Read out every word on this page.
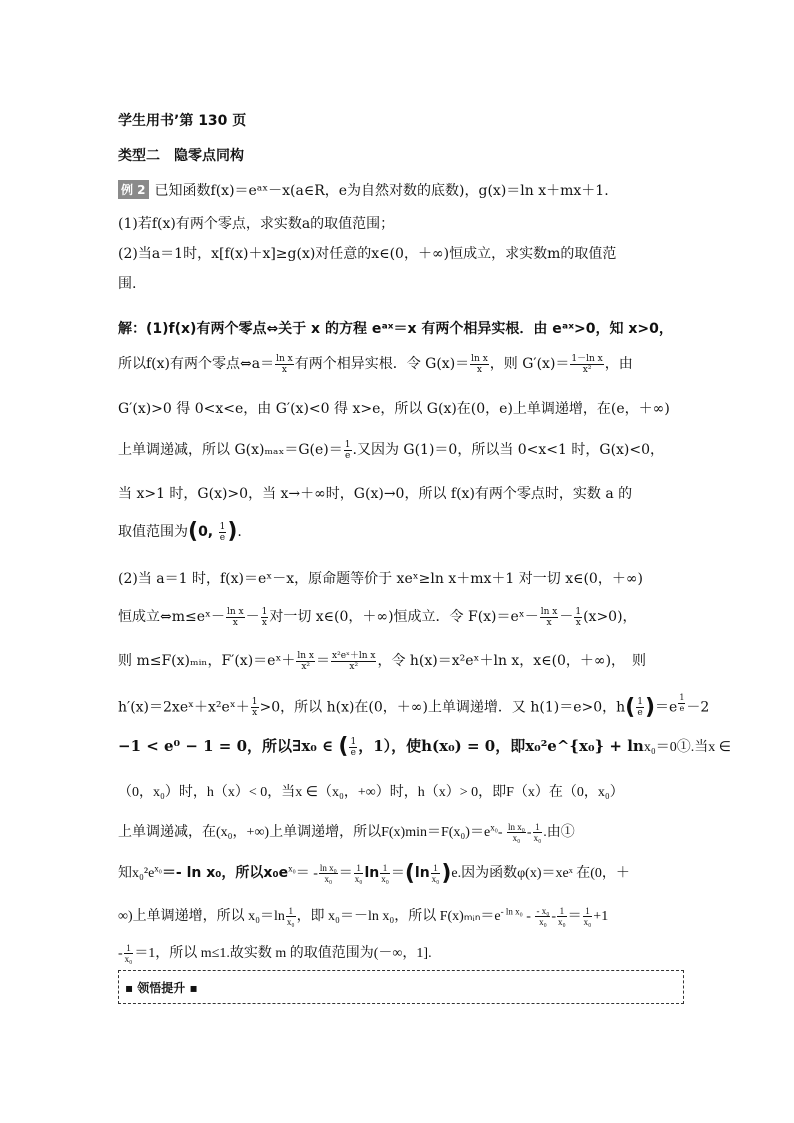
学生用书ʼ第 130 页
类型二　隐零点同构
例 2 已知函数f(x)＝eᵃˣ－x(a∈R，e为自然对数的底数)，g(x)＝ln x＋mx＋1.
(1)若f(x)有两个零点，求实数a的取值范围；
(2)当a＝1时，x[f(x)＋x]≥g(x)对任意的x∈(0，＋∞)恒成立，求实数m的取值范
围.
解：(1)f(x)有两个零点⇔关于 x 的方程 eᵃˣ＝x 有两个相异实根．由 eᵃˣ>0，知 x>0，
所以f(x)有两个零点⇔a＝ $\frac{\text{ln x}}{x}$ 有两个相异实根．令 $G(x)= \frac{\text{ln x}}{x}$ ，则 $G'(x)= \frac{\text{1－ln x}}{\text{x²}}$ ，由
G′(x)>0 得 0<x<e，由 G′(x)<0 得 x>e，所以 G(x)在(0，e)上单调递增，在(e，＋∞)
上单调递减，所以 $G(x)_{max}=G(e)= \frac{1}{e}$ .又因为 G(1)＝0，所以当 0<x<1 时，G(x)<0，
当 x>1 时，G(x)>0，当 x→＋∞时，G(x)→0，所以 f(x)有两个零点时，实数 a 的
取值范围为(0, $\frac{1}{e}$ ).
(2)当 a＝1 时，f(x)＝eˣ－x，原命题等价于 xeˣ≥ln x＋mx＋1 对一切 x∈(0，＋∞)
恒成立⇔m≤eˣ－ $\frac{\text{ln x}}{x} - \frac{1}{x}$ 对一切 x∈(0，＋∞)恒成立．令 F(x)＝eˣ－ $\frac{\text{ln x}}{x} - \frac{1}{x} (x>0)$，
则 m≤F(x)ₘᵢₙ，F′(x)＝eˣ＋ $\frac{\text{ln x}}{\text{x²}} = \frac{\text{x²eˣ＋ln x}}{\text{x²}}$ ，令 h(x)＝x²eˣ＋ln x，x∈(0，＋∞)，　则
h′(x)＝2xeˣ＋x²eˣ＋ $\frac{1}{x} >0$，所以 h(x)在(0，＋∞)上单调递增．又 h(1)＝e>0，$h( \frac{1}{e} )=e$ $^{\frac{1}{e}}$ －2
−1 < e⁰ − 1 = 0，所以∃x₀ ∈ ( $\frac{1}{e}$ ，1），使h(x₀) = 0，即x₀²e^{x₀} + lnx₀＝0①.当x ∈
（0，x₀）时，h（x）< 0，当x ∈（x₀，+∞）时，h（x）> 0，即F（x）在（0，x₀）
上单调递减，在(x₀，+∞)上单调递增，所以$F(x)\min=F(x_0)=e^{x_0}- \frac{\text{ln x₀}}{\text{x₀}} - \frac{1}{\text{x₀}}$ .由①
知$x_0^2e^{x_0}=-$ ln x₀，所以$x_0e^{x_0}= - \frac{\text{ln x₀}}{\text{x₀}} = \frac{1}{\text{x₀}}$ $\ln \frac{1}{\text{x₀}} =(\ln \frac{1}{\text{x₀}} )e$.因为函数φ(x)＝xeˣ 在(0，＋
∞)上单调递增，所以 $x_0=\ln \frac{1}{\text{x₀}}$ ，即 x₀＝－ln x₀，所以 $F(x)_mᵢ_n=e^{- ln x_0} - \frac{\text{- x₀}}{\text{x₀}} - \frac{1}{\text{x₀}} = \frac{1}{\text{x₀}} +1$
- $\frac{1}{\text{x₀}} =1$，所以 m≤1.故实数 m 的取值范围为(－∞，1].
▪ 领悟提升 ▪
